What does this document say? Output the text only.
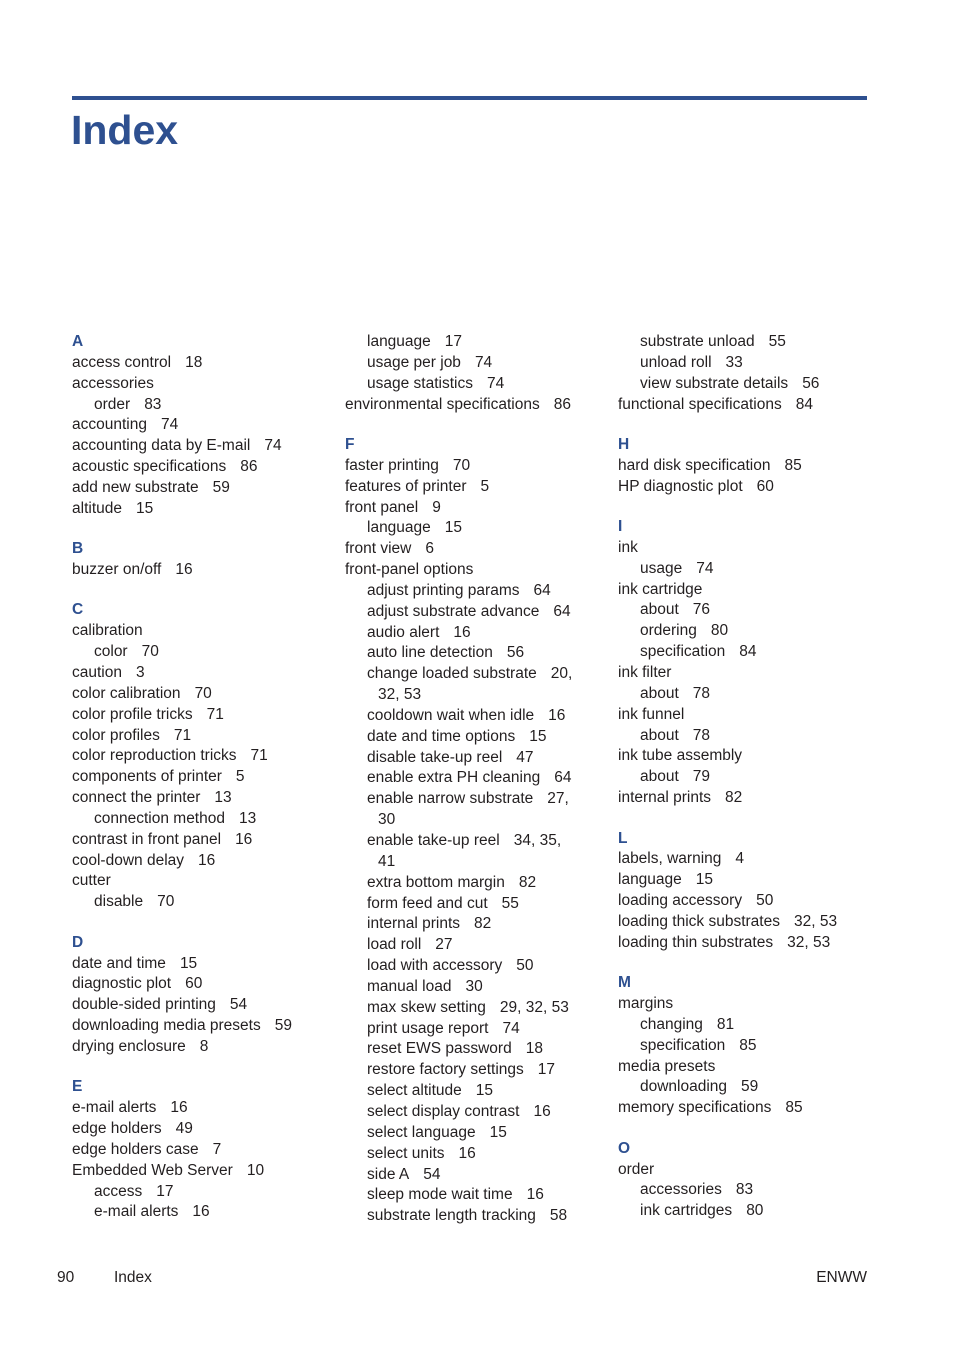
Index
A
access control 18
accessories
order 83
accounting 74
accounting data by E-mail 74
acoustic specifications 86
add new substrate 59
altitude 15
B
buzzer on/off 16
C
calibration
color 70
caution 3
color calibration 70
color profile tricks 71
color profiles 71
color reproduction tricks 71
components of printer 5
connect the printer 13
connection method 13
contrast in front panel 16
cool-down delay 16
cutter
disable 70
D
date and time 15
diagnostic plot 60
double-sided printing 54
downloading media presets 59
drying enclosure 8
E
e-mail alerts 16
edge holders 49
edge holders case 7
Embedded Web Server 10
access 17
e-mail alerts 16
language 17
usage per job 74
usage statistics 74
environmental specifications 86
F
faster printing 70
features of printer 5
front panel 9
language 15
front view 6
front-panel options
adjust printing params 64
adjust substrate advance 64
audio alert 16
auto line detection 56
change loaded substrate 20,
32, 53
cooldown wait when idle 16
date and time options 15
disable take-up reel 47
enable extra PH cleaning 64
enable narrow substrate 27,
30
enable take-up reel 34, 35,
41
extra bottom margin 82
form feed and cut 55
internal prints 82
load roll 27
load with accessory 50
manual load 30
max skew setting 29, 32, 53
print usage report 74
reset EWS password 18
restore factory settings 17
select altitude 15
select display contrast 16
select language 15
select units 16
side A 54
sleep mode wait time 16
substrate length tracking 58
substrate unload 55
unload roll 33
view substrate details 56
functional specifications 84
H
hard disk specification 85
HP diagnostic plot 60
I
ink
usage 74
ink cartridge
about 76
ordering 80
specification 84
ink filter
about 78
ink funnel
about 78
ink tube assembly
about 79
internal prints 82
L
labels, warning 4
language 15
loading accessory 50
loading thick substrates 32, 53
loading thin substrates 32, 53
M
margins
changing 81
specification 85
media presets
downloading 59
memory specifications 85
O
order
accessories 83
ink cartridges 80
90	Index	ENWW
